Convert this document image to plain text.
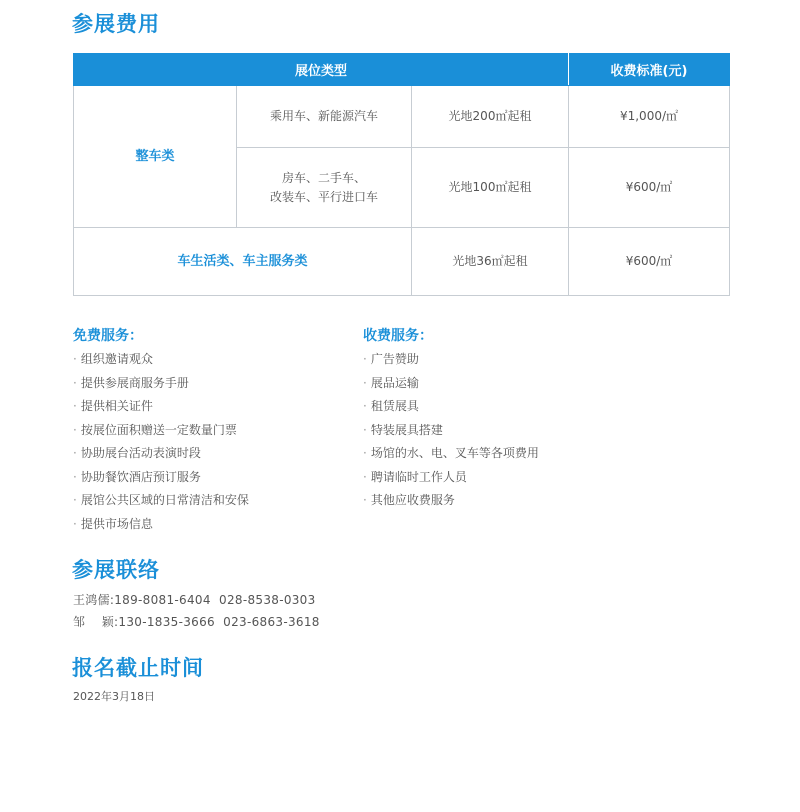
参展费用
展位类型			收费标准(元)
整车类	乘用车、新能源汽车	光地200㎡起租	¥1,000/㎡

	房车、二手车、
改装车、平行进口车	光地100㎡起租	¥600/㎡
车生活类、车主服务类		光地36㎡起租	¥600/㎡
免费服务：
· 组织邀请观众
· 提供参展商服务手册
· 提供相关证件
· 按展位面积赠送一定数量门票
· 协助展台活动表演时段
· 协助餐饮酒店预订服务
· 展馆公共区域的日常清洁和安保
· 提供市场信息
收费服务：
· 广告赞助
· 展品运输
· 租赁展具
· 特装展具搭建
· 场馆的水、电、叉车等各项费用
· 聘请临时工作人员
· 其他应收费服务
参展联络

王鸿儒:189-8081-6404  028-8538-0303

邹    颖:130-1835-3666  023-6863-3618

报名截止时间

2022年3月18日
